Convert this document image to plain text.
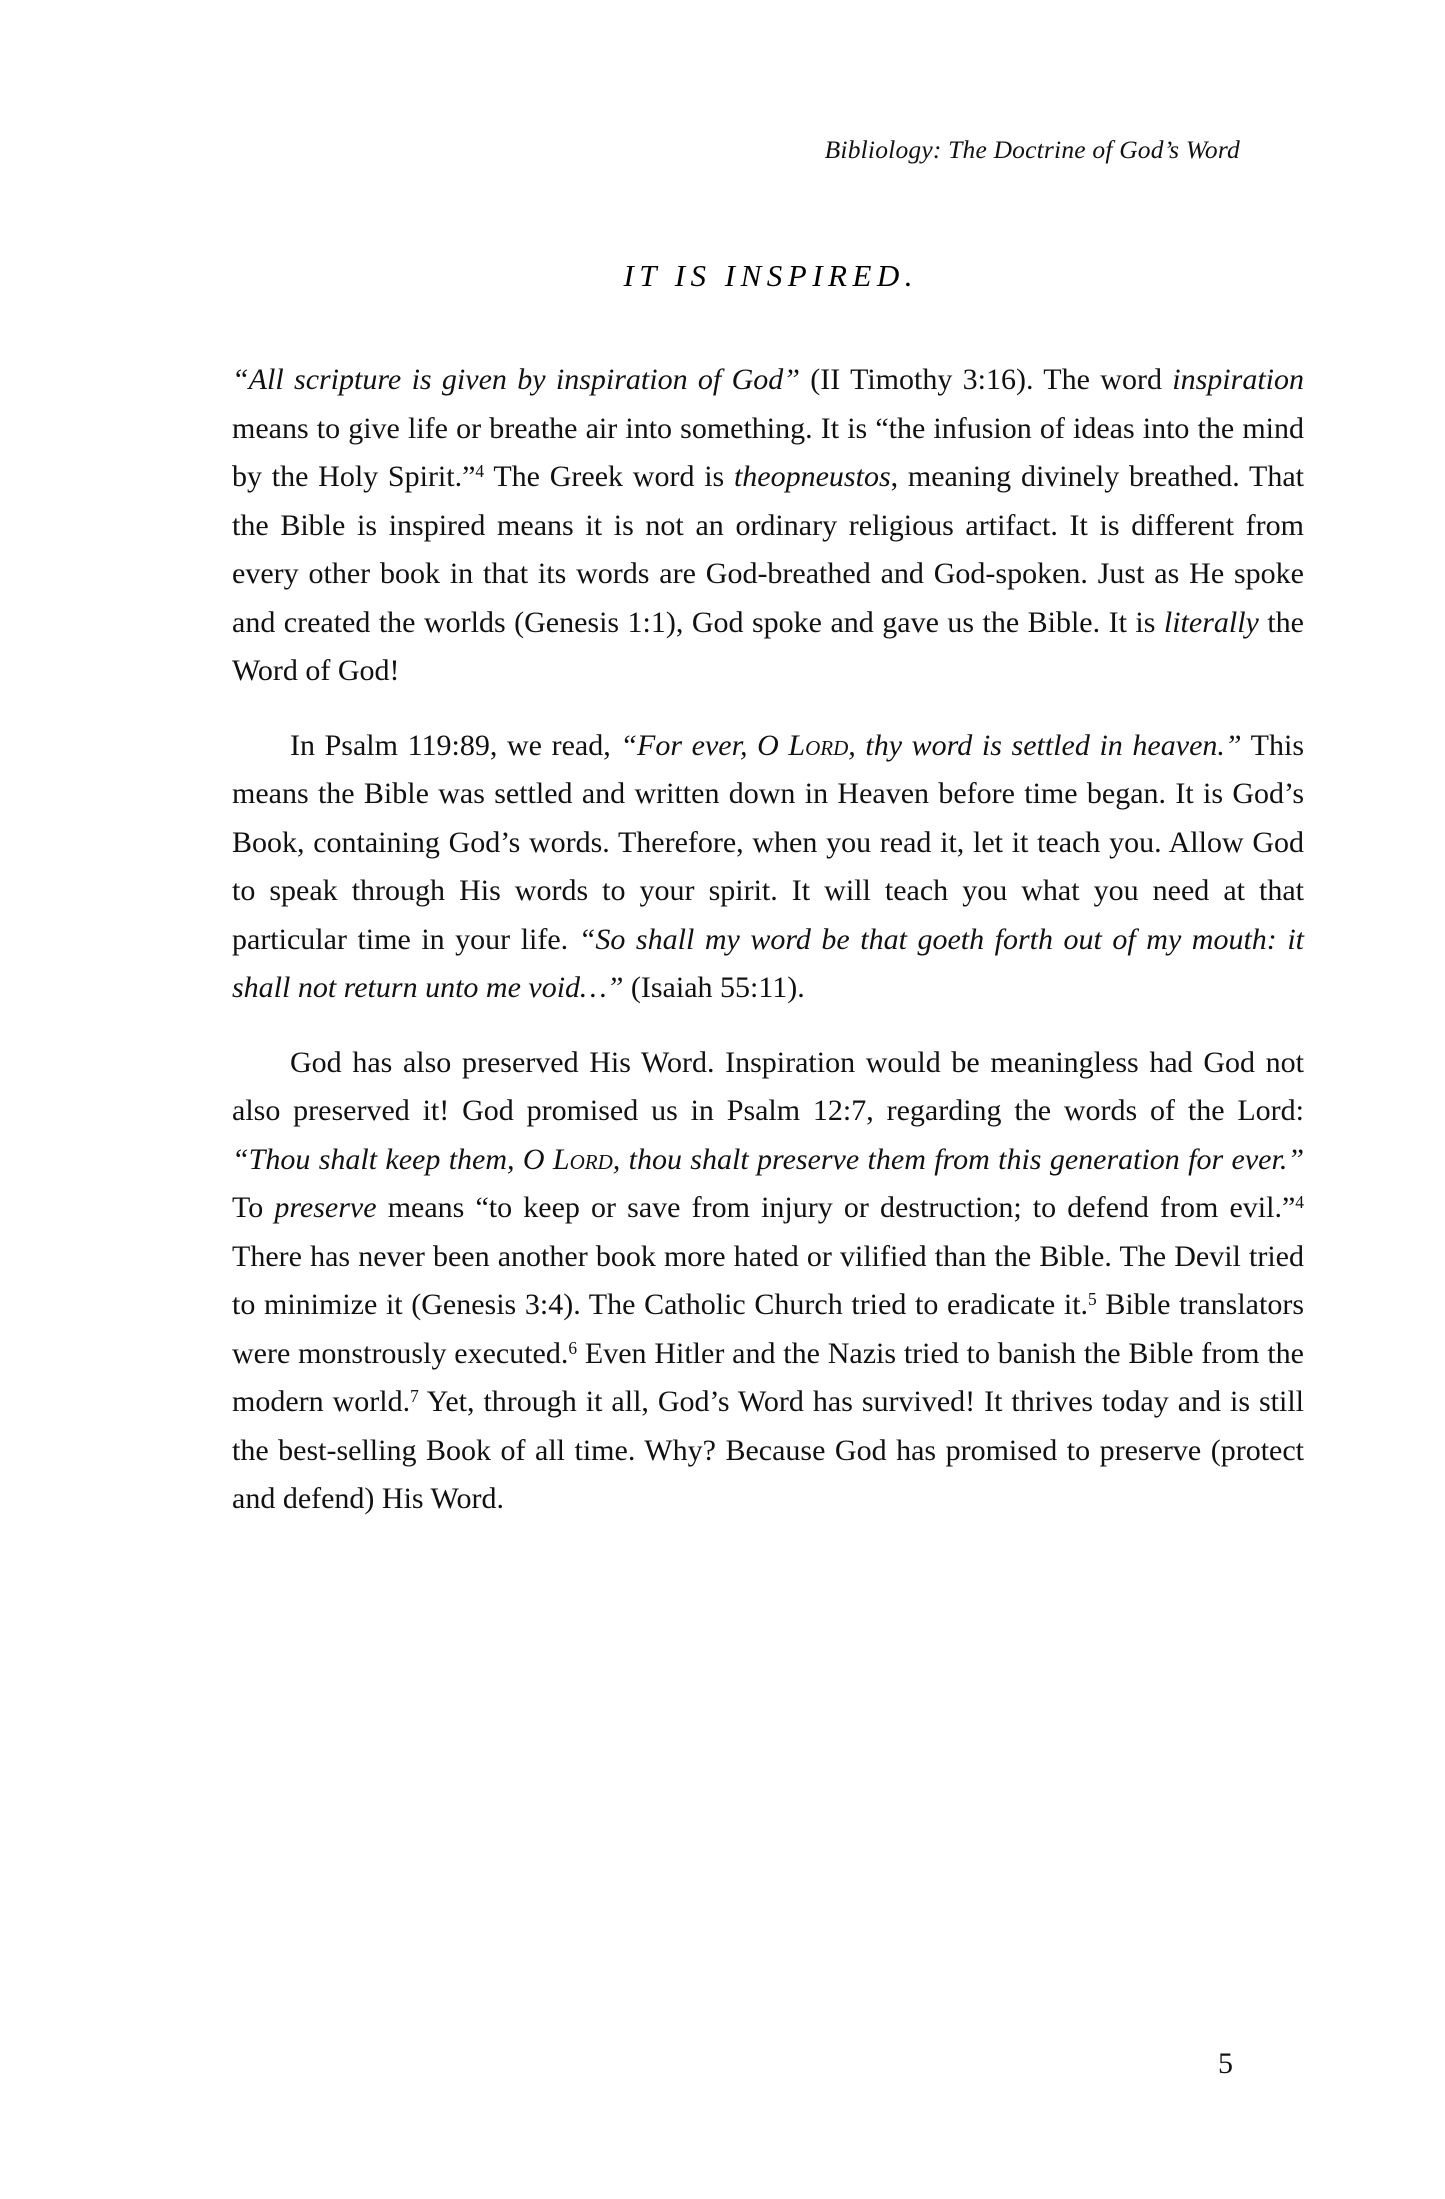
Bibliology: The Doctrine of God’s Word
IT IS INSPIRED.

“All scripture is given by inspiration of God” (II Timothy 3:16). The word inspiration means to give life or breathe air into something. It is “the infusion of ideas into the mind by the Holy Spirit.”$^4$ The Greek word is theopneustos, meaning divinely breathed. That the Bible is inspired means it is not an ordinary religious artifact. It is different from every other book in that its words are God-breathed and God-spoken. Just as He spoke and created the worlds (Genesis 1:1), God spoke and gave us the Bible. It is literally the Word of God!

In Psalm 119:89, we read, “For ever, O Lord, thy word is settled in heaven.” This means the Bible was settled and written down in Heaven before time began. It is God’s Book, containing God’s words. Therefore, when you read it, let it teach you. Allow God to speak through His words to your spirit. It will teach you what you need at that particular time in your life. “So shall my word be that goeth forth out of my mouth: it shall not return unto me void…” (Isaiah 55:11).

God has also preserved His Word. Inspiration would be meaningless had God not also preserved it! God promised us in Psalm 12:7, regarding the words of the Lord: “Thou shalt keep them, O Lord, thou shalt preserve them from this generation for ever.” To preserve means “to keep or save from injury or destruction; to defend from evil.”$^4$ There has never been another book more hated or vilified than the Bible. The Devil tried to minimize it (Genesis 3:4). The Catholic Church tried to eradicate it.$^5$ Bible translators were monstrously executed.$^6$ Even Hitler and the Nazis tried to banish the Bible from the modern world.$^7$ Yet, through it all, God’s Word has survived! It thrives today and is still the best-selling Book of all time. Why? Because God has promised to preserve (protect and defend) His Word.

5
